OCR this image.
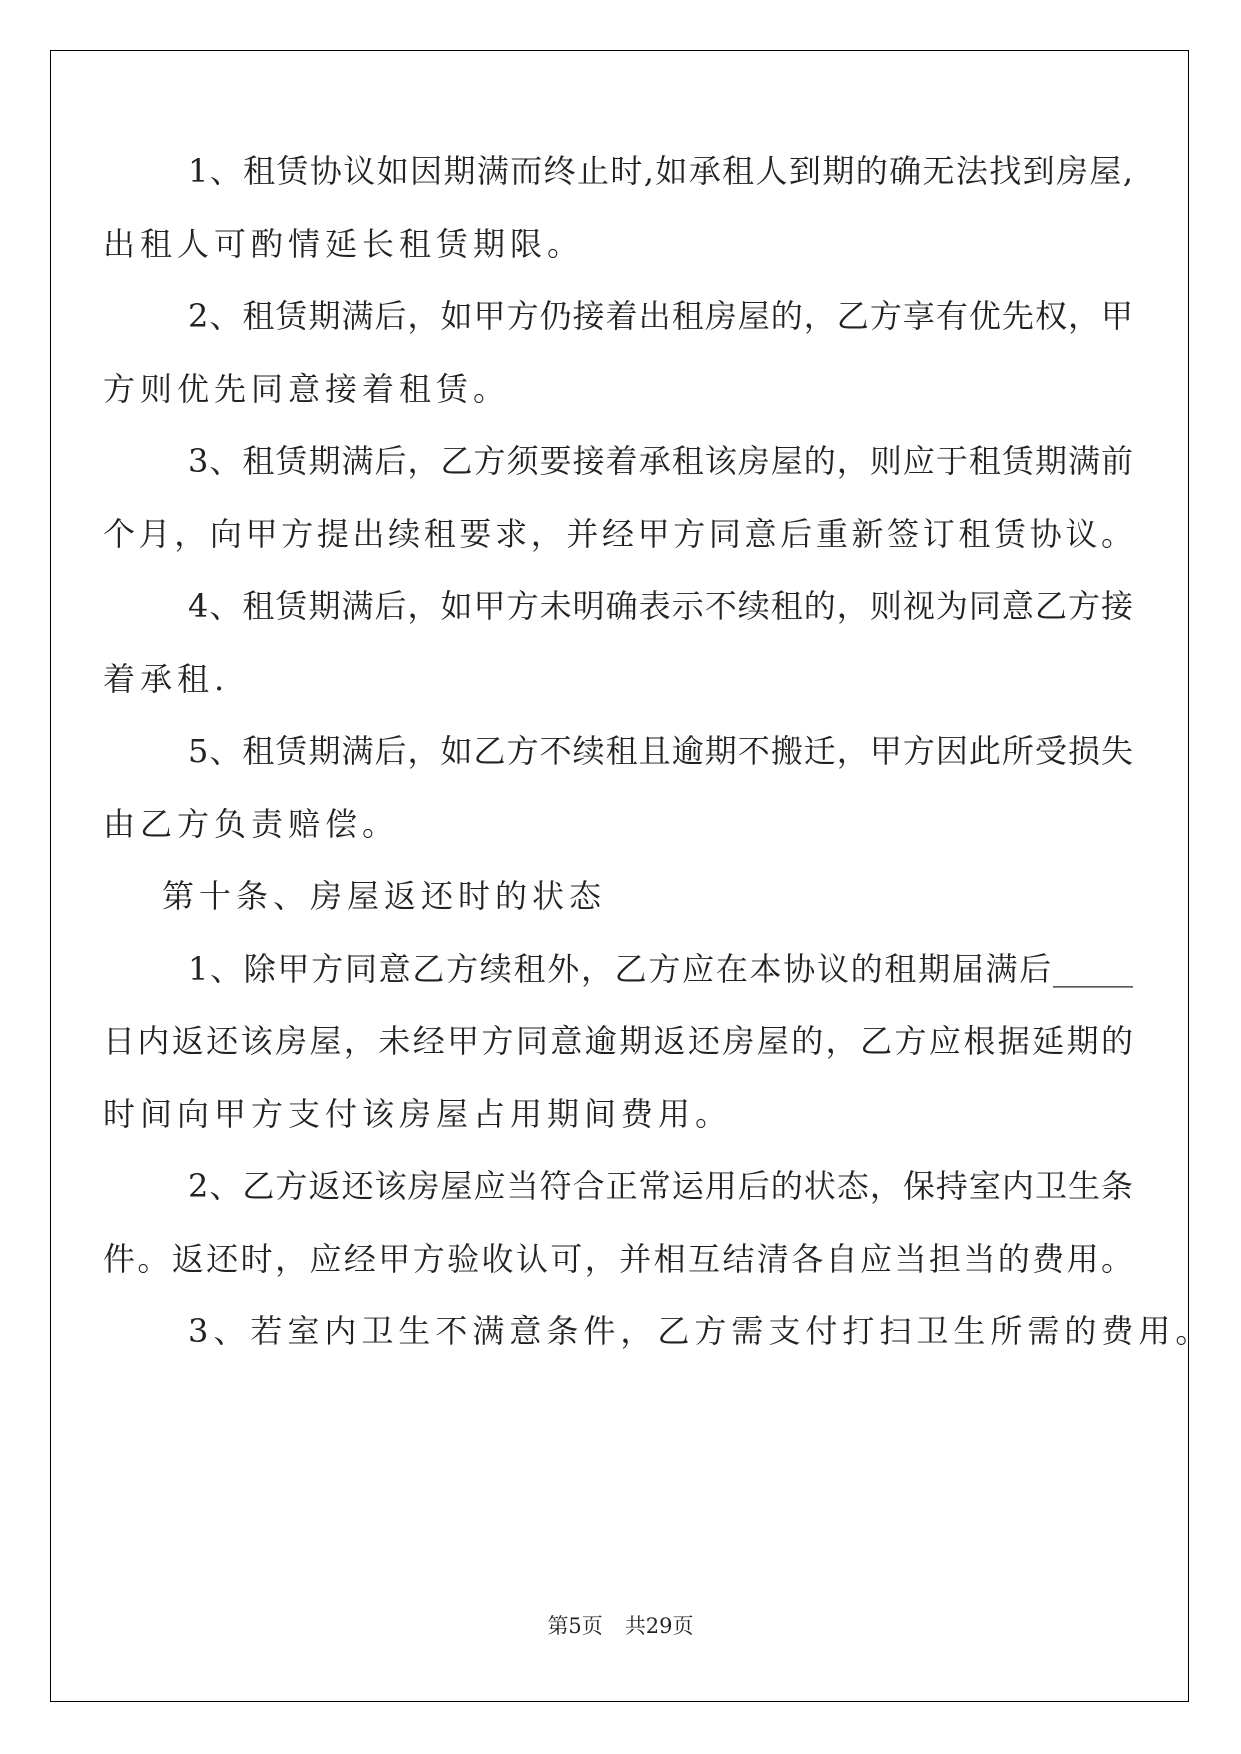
1、租赁协议如因期满而终止时,如承租人到期的确无法找到房屋,
出租人可酌情延长租赁期限。
2、租赁期满后，如甲方仍接着出租房屋的，乙方享有优先权，甲
方则优先同意接着租赁。
3、租赁期满后，乙方须要接着承租该房屋的，则应于租赁期满前
个月，向甲方提出续租要求，并经甲方同意后重新签订租赁协议。
4、租赁期满后，如甲方未明确表示不续租的，则视为同意乙方接
着承租.
5、租赁期满后，如乙方不续租且逾期不搬迁，甲方因此所受损失
由乙方负责赔偿。
第十条、房屋返还时的状态
1、除甲方同意乙方续租外，乙方应在本协议的租期届满后_____
日内返还该房屋，未经甲方同意逾期返还房屋的，乙方应根据延期的
时间向甲方支付该房屋占用期间费用。
2、乙方返还该房屋应当符合正常运用后的状态，保持室内卫生条
件。返还时，应经甲方验收认可，并相互结清各自应当担当的费用。
3、若室内卫生不满意条件，乙方需支付打扫卫生所需的费用。
第5页 共29页
